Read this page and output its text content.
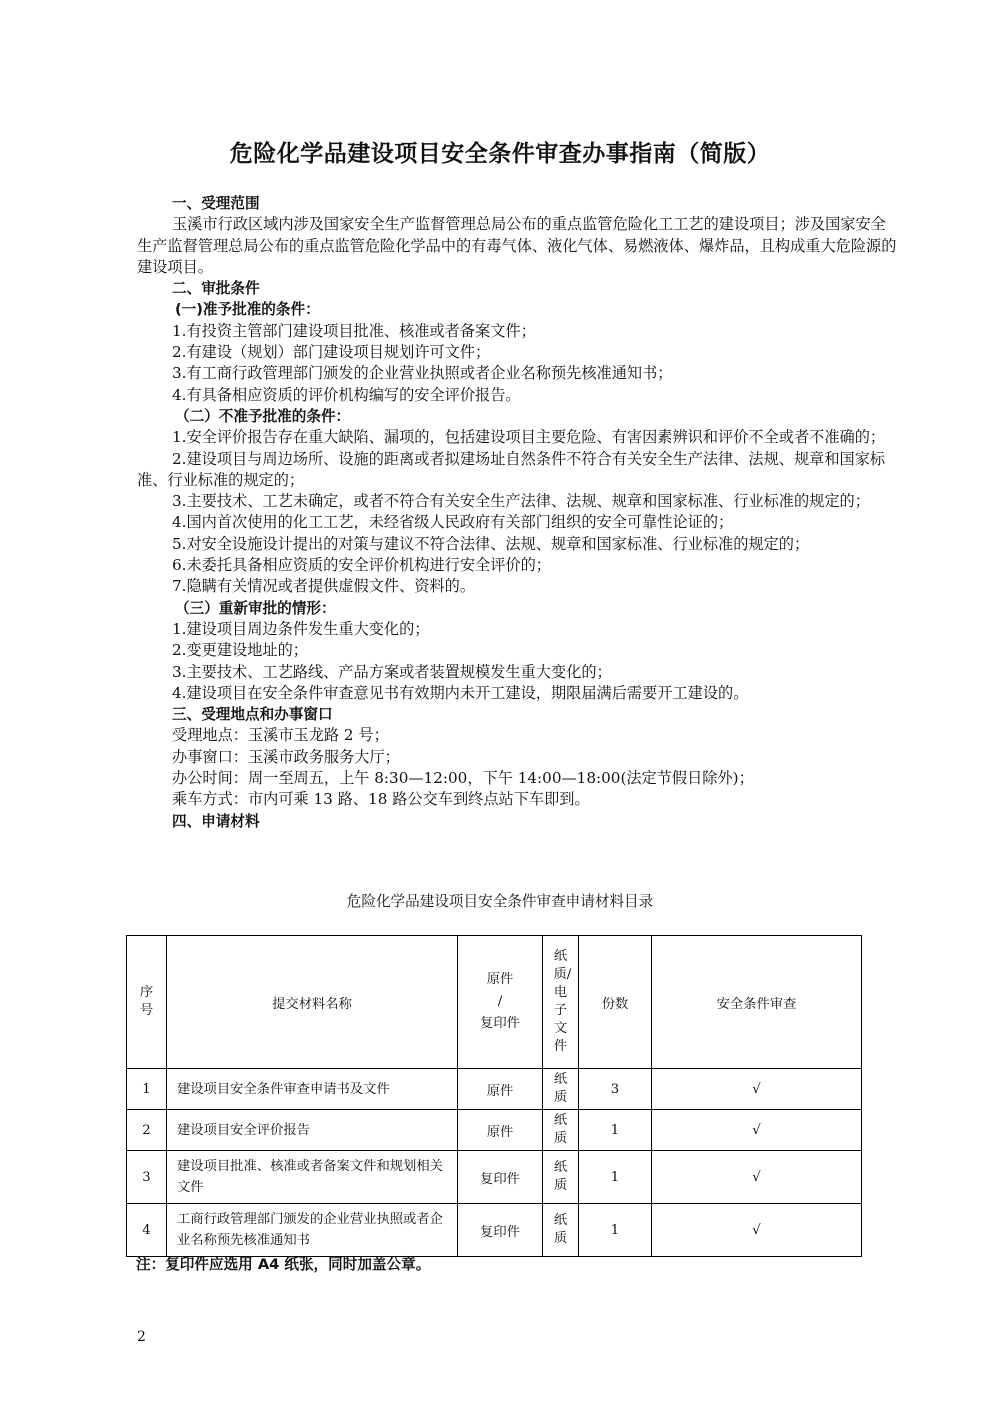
危险化学品建设项目安全条件审查办事指南（简版）

一、受理范围

玉溪市行政区域内涉及国家安全生产监督管理总局公布的重点监管危险化工工艺的建设项目；涉及国家安全生产监督管理总局公布的重点监管危险化学品中的有毒气体、液化气体、易燃液体、爆炸品，且构成重大危险源的建设项目。

二、审批条件

(一)准予批准的条件：

1.有投资主管部门建设项目批准、核准或者备案文件；

2.有建设（规划）部门建设项目规划许可文件；

3.有工商行政管理部门颁发的企业营业执照或者企业名称预先核准通知书；

4.有具备相应资质的评价机构编写的安全评价报告。

（二）不准予批准的条件：

1.安全评价报告存在重大缺陷、漏项的，包括建设项目主要危险、有害因素辨识和评价不全或者不准确的；

2.建设项目与周边场所、设施的距离或者拟建场址自然条件不符合有关安全生产法律、法规、规章和国家标准、行业标准的规定的；

3.主要技术、工艺未确定，或者不符合有关安全生产法律、法规、规章和国家标准、行业标准的规定的；

4.国内首次使用的化工工艺，未经省级人民政府有关部门组织的安全可靠性论证的；

5.对安全设施设计提出的对策与建议不符合法律、法规、规章和国家标准、行业标准的规定的；

6.未委托具备相应资质的安全评价机构进行安全评价的；

7.隐瞒有关情况或者提供虚假文件、资料的。

（三）重新审批的情形：

1.建设项目周边条件发生重大变化的；

2.变更建设地址的；

3.主要技术、工艺路线、产品方案或者装置规模发生重大变化的；

4.建设项目在安全条件审查意见书有效期内未开工建设，期限届满后需要开工建设的。

三、受理地点和办事窗口

受理地点：玉溪市玉龙路 2 号；

办事窗口：玉溪市政务服务大厅；

办公时间：周一至周五，上午 8:30—12:00，下午 14:00—18:00(法定节假日除外)；

乘车方式：市内可乘 13 路、18 路公交车到终点站下车即到。

四、申请材料

危险化学品建设项目安全条件审查申请材料目录
序号	提交材料名称	原件
/
复印件	纸质/电子文件	份数	安全条件审查
1	建设项目安全条件审查申请书及文件	原件	纸质	3	√
2	建设项目安全评价报告	原件	纸质	1	√
3	建设项目批准、核准或者备案文件和规划相关文件	复印件	纸质	1	√
4	工商行政管理部门颁发的企业营业执照或者企业名称预先核准通知书	复印件	纸质	1	√
注：复印件应选用 A4 纸张，同时加盖公章。
2
